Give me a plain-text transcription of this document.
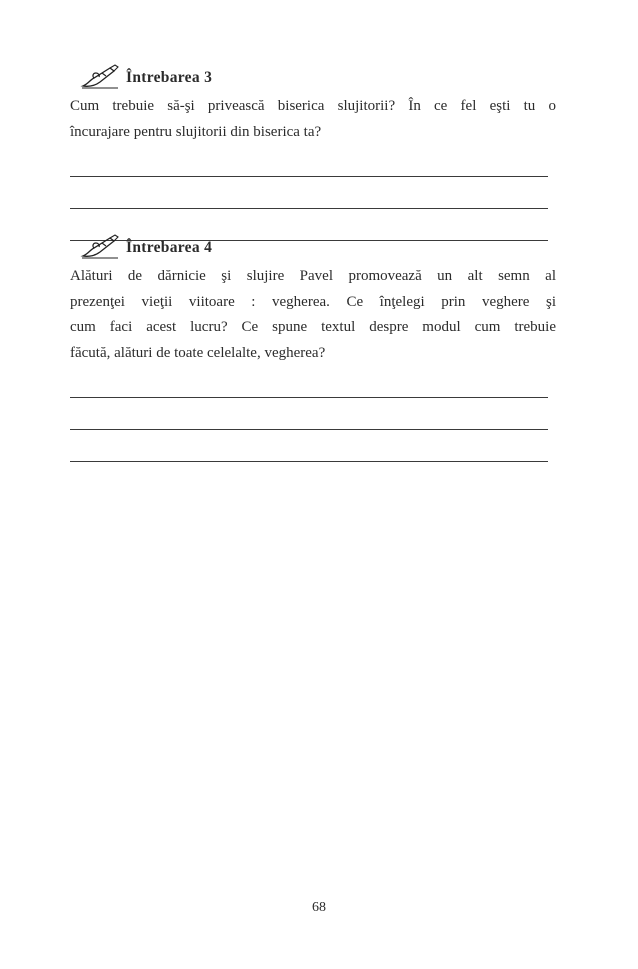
Întrebarea 3

Cum trebuie să-şi privească biserica slujitorii? În ce fel eşti tu o
încurajare pentru slujitorii din biserica ta?

Întrebarea 4

Alături de dărnicie şi slujire Pavel promovează un alt semn al
prezenţei vieţii viitoare : vegherea. Ce înţelegi prin veghere şi
cum faci acest lucru? Ce spune textul despre modul cum trebuie
făcută, alături de toate celelalte, vegherea?

68
